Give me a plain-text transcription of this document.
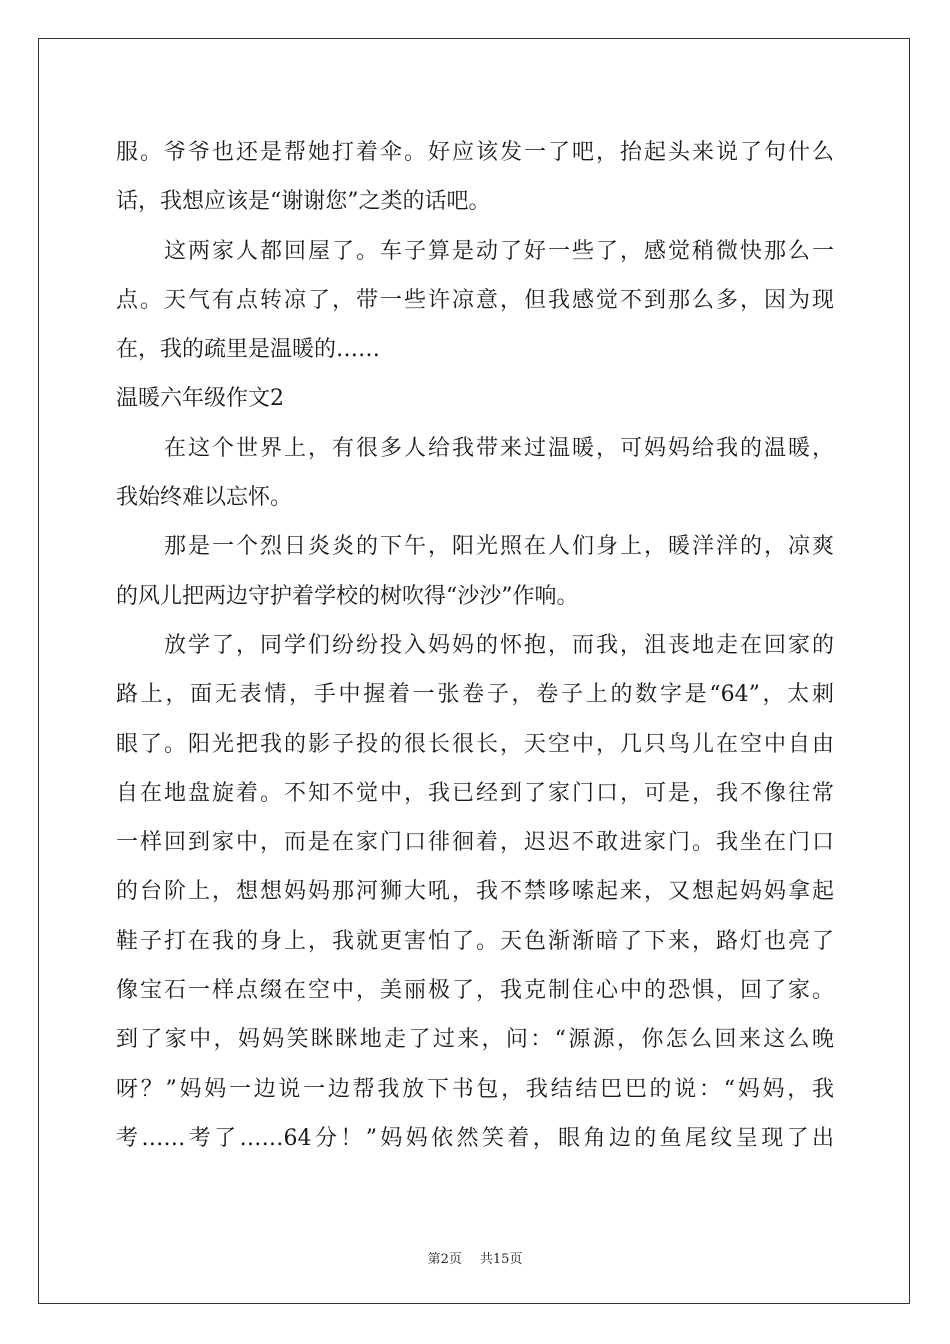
服。爷爷也还是帮她打着伞。好应该发一了吧，抬起头来说了句什么
话，我想应该是“谢谢您”之类的话吧。
这两家人都回屋了。车子算是动了好一些了，感觉稍微快那么一
点。天气有点转凉了，带一些许凉意，但我感觉不到那么多，因为现
在，我的疏里是温暖的……
温暖六年级作文2
在这个世界上，有很多人给我带来过温暖，可妈妈给我的温暖，
我始终难以忘怀。
那是一个烈日炎炎的下午，阳光照在人们身上，暖洋洋的，凉爽
的风儿把两边守护着学校的树吹得“沙沙”作响。
放学了，同学们纷纷投入妈妈的怀抱，而我，沮丧地走在回家的
路上，面无表情，手中握着一张卷子，卷子上的数字是“64”，太刺
眼了。阳光把我的影子投的很长很长，天空中，几只鸟儿在空中自由
自在地盘旋着。不知不觉中，我已经到了家门口，可是，我不像往常
一样回到家中，而是在家门口徘徊着，迟迟不敢进家门。我坐在门口
的台阶上，想想妈妈那河狮大吼，我不禁哆嗦起来，又想起妈妈拿起
鞋子打在我的身上，我就更害怕了。天色渐渐暗了下来，路灯也亮了
像宝石一样点缀在空中，美丽极了，我克制住心中的恐惧，回了家。
到了家中，妈妈笑眯眯地走了过来，问：“源源，你怎么回来这么晚
呀？”妈妈一边说一边帮我放下书包，我结结巴巴的说：“妈妈，我
考……考了……64分！”妈妈依然笑着，眼角边的鱼尾纹呈现了出
第2页 共15页
